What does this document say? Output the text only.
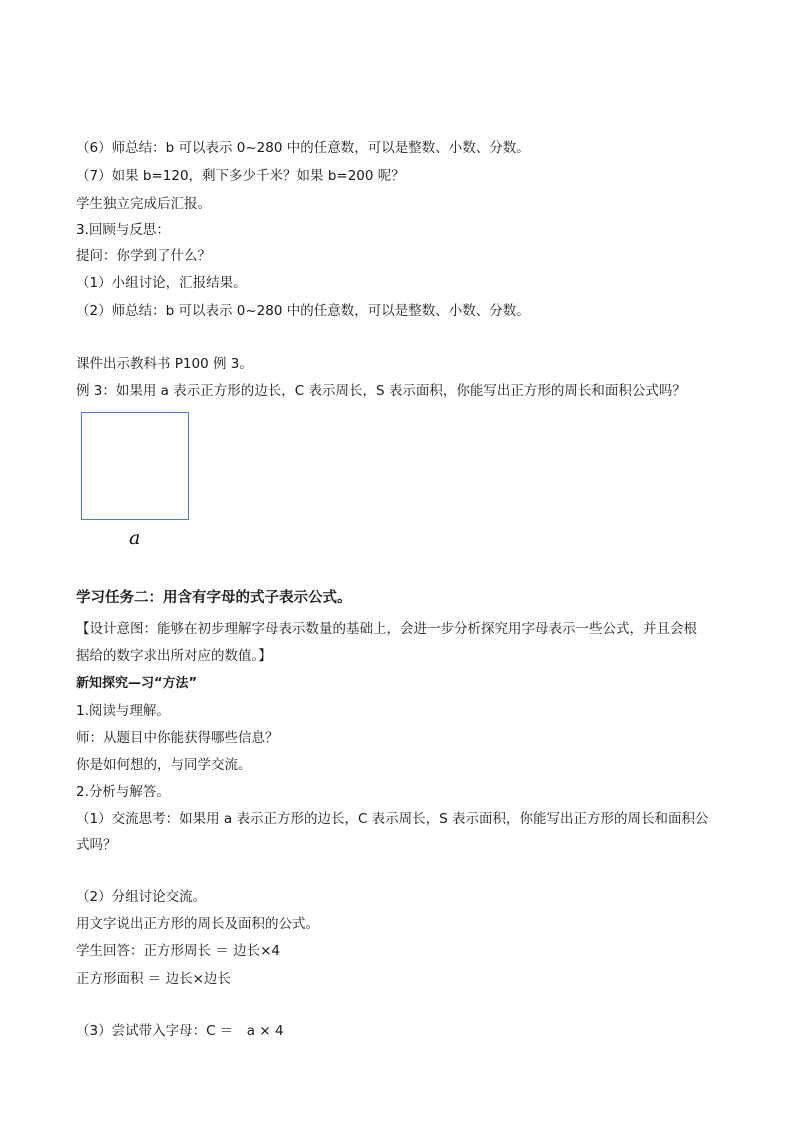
（6）师总结：b 可以表示 0~280 中的任意数，可以是整数、小数、分数。
（7）如果 b=120，剩下多少千米？如果 b=200 呢？
学生独立完成后汇报。
3.回顾与反思：
提问：你学到了什么？
（1）小组讨论，汇报结果。
（2）师总结：b 可以表示 0~280 中的任意数，可以是整数、小数、分数。
课件出示教科书 P100 例 3。
例 3：如果用 a 表示正方形的边长，C 表示周长，S 表示面积，你能写出正方形的周长和面积公式吗？
a
学习任务二：用含有字母的式子表示公式。
【设计意图：能够在初步理解字母表示数量的基础上，会进一步分析探究用字母表示一些公式，并且会根
据给的数字求出所对应的数值。】
新知探究—习“方法”
1.阅读与理解。
师：从题目中你能获得哪些信息？
你是如何想的，与同学交流。
2.分析与解答。
（1）交流思考：如果用 a 表示正方形的边长，C 表示周长，S 表示面积，你能写出正方形的周长和面积公
式吗？
（2）分组讨论交流。
用文字说出正方形的周长及面积的公式。
学生回答：正方形周长 ＝ 边长×4
正方形面积 ＝ 边长×边长
（3）尝试带入字母：C ＝　a × 4
